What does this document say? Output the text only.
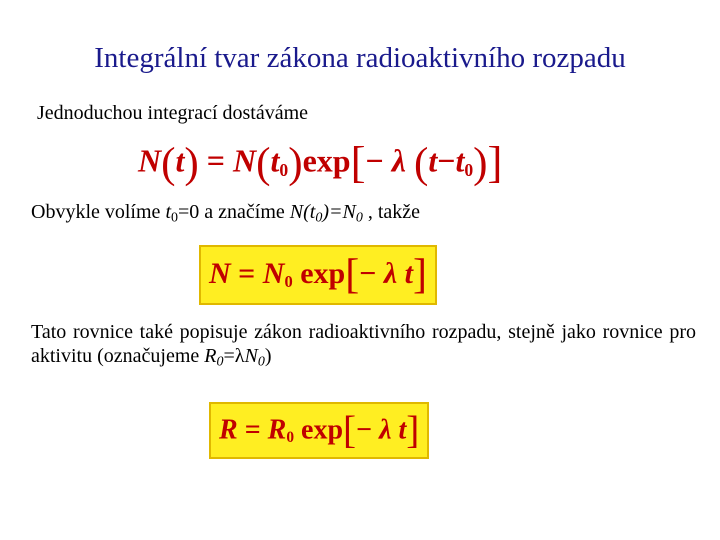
Integrální tvar zákona radioaktivního rozpadu
Jednoduchou integrací dostáváme
$N(t) = N(t_0)\exp[- \lambda$ $(t-t_0)$]
Obvykle volíme t0=0 a značíme N(t0)=N0 , takže
$N = N_0$ exp[− λ t]
Tato rovnice také popisuje zákon radioaktivního rozpadu, stejně jako rovnice pro aktivitu (označujeme R0=λN0)
$R = R_0$ exp[− λ t]
